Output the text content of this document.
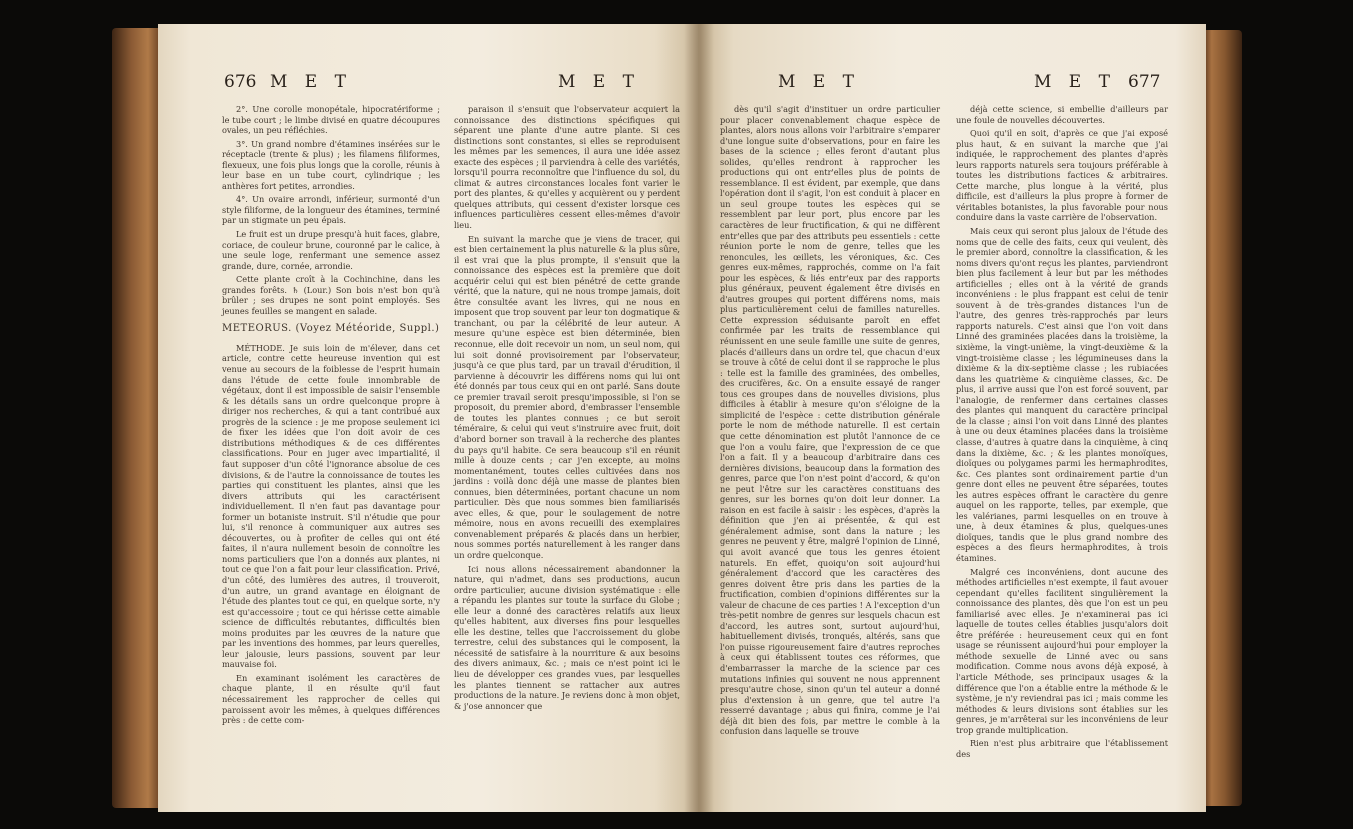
676 M E T	M E T

2°. Une corolle monopétale, hipocratériforme ; le tube court ; le limbe divisé en quatre découpures ovales, un peu réfléchies.

3°. Un grand nombre d'étamines insérées sur le réceptacle (trente & plus) ; les filamens filiformes, flexueux, une fois plus longs que la corolle, réunis à leur base en un tube court, cylindrique ; les anthères fort petites, arrondies.

4°. Un ovaire arrondi, inférieur, surmonté d'un style filiforme, de la longueur des étamines, terminé par un stigmate un peu épais.

Le fruit est un drupe presqu'à huit faces, glabre, coriace, de couleur brune, couronné par le calice, à une seule loge, renfermant une semence assez grande, dure, cornée, arrondie.

Cette plante croît à la Cochinchine, dans les grandes forêts. ♄ (Lour.) Son bois n'est bon qu'à brûler ; ses drupes ne sont point employés. Ses jeunes feuilles se mangent en salade.

METEORUS. (Voyez Météoride, Suppl.)

MÉTHODE. Je suis loin de m'élever, dans cet article, contre cette heureuse invention qui est venue au secours de la foiblesse de l'esprit humain dans l'étude de cette foule innombrable de végétaux, dont il est impossible de saisir l'ensemble & les détails sans un ordre quelconque propre à diriger nos recherches, & qui a tant contribué aux progrès de la science : je me propose seulement ici de fixer les idées que l'on doit avoir de ces distributions méthodiques & de ces différentes classifications. Pour en juger avec impartialité, il faut supposer d'un côté l'ignorance absolue de ces divisions, & de l'autre la connoissance de toutes les parties qui constituent les plantes, ainsi que les divers attributs qui les caractérisent individuellement. Il n'en faut pas davantage pour former un botaniste instruit. S'il n'étudie que pour lui, s'il renonce à communiquer aux autres ses découvertes, ou à profiter de celles qui ont été faites, il n'aura nullement besoin de connoître les noms particuliers que l'on a donnés aux plantes, ni tout ce que l'on a fait pour leur classification. Privé, d'un côté, des lumières des autres, il trouveroit, d'un autre, un grand avantage en éloignant de l'étude des plantes tout ce qui, en quelque sorte, n'y est qu'accessoire ; tout ce qui hérisse cette aimable science de difficultés rebutantes, difficultés bien moins produites par les œuvres de la nature que par les inventions des hommes, par leurs querelles, leur jalousie, leurs passions, souvent par leur mauvaise foi.

En examinant isolément les caractères de chaque plante, il en résulte qu'il faut nécessairement les rapprocher de celles qui paroissent avoir les mêmes, à quelques différences près : de cette com-

paraison il s'ensuit que l'observateur acquiert la connoissance des distinctions spécifiques qui séparent une plante d'une autre plante. Si ces distinctions sont constantes, si elles se reproduisent les mêmes par les semences, il aura une idée assez exacte des espèces ; il parviendra à celle des variétés, lorsqu'il pourra reconnoître que l'influence du sol, du climat & autres circonstances locales font varier le port des plantes, & qu'elles y acquièrent ou y perdent quelques attributs, qui cessent d'exister lorsque ces influences particulières cessent elles-mêmes d'avoir lieu.

En suivant la marche que je viens de tracer, qui est bien certainement la plus naturelle & la plus sûre, il est vrai que la plus prompte, il s'ensuit que la connoissance des espèces est la première que doit acquérir celui qui est bien pénétré de cette grande vérité, que la nature, qui ne nous trompe jamais, doit être consultée avant les livres, qui ne nous en imposent que trop souvent par leur ton dogmatique & tranchant, ou par la célébrité de leur auteur. A mesure qu'une espèce est bien déterminée, bien reconnue, elle doit recevoir un nom, un seul nom, qui lui soit donné provisoirement par l'observateur, jusqu'à ce que plus tard, par un travail d'érudition, il parvienne à découvrir les différens noms qui lui ont été donnés par tous ceux qui en ont parlé. Sans doute ce premier travail seroit presqu'impossible, si l'on se proposoit, du premier abord, d'embrasser l'ensemble de toutes les plantes connues ; ce but seroit téméraire, & celui qui veut s'instruire avec fruit, doit d'abord borner son travail à la recherche des plantes du pays qu'il habite. Ce sera beaucoup s'il en réunit mille à douze cents ; car j'en excepte, au moins momentanément, toutes celles cultivées dans nos jardins : voilà donc déjà une masse de plantes bien connues, bien déterminées, portant chacune un nom particulier. Dès que nous sommes bien familiarisés avec elles, & que, pour le soulagement de notre mémoire, nous en avons recueilli des exemplaires convenablement préparés & placés dans un herbier, nous sommes portés naturellement à les ranger dans un ordre quelconque.

Ici nous allons nécessairement abandonner la nature, qui n'admet, dans ses productions, aucun ordre particulier, aucune division systématique : elle a répandu les plantes sur toute la surface du Globe ; elle leur a donné des caractères relatifs aux lieux qu'elles habitent, aux diverses fins pour lesquelles elle les destine, telles que l'accroissement du globe terrestre, celui des substances qui le composent, la nécessité de satisfaire à la nourriture & aux besoins des divers animaux, &c. ; mais ce n'est point ici le lieu de développer ces grandes vues, par lesquelles les plantes tiennent se rattacher aux autres productions de la nature. Je reviens donc à mon objet, & j'ose annoncer que

M E T	M E T 677

dès qu'il s'agit d'instituer un ordre particulier pour placer convenablement chaque espèce de plantes, alors nous allons voir l'arbitraire s'emparer d'une longue suite d'observations, pour en faire les bases de la science ; elles feront d'autant plus solides, qu'elles rendront à rapprocher les productions qui ont entr'elles plus de points de ressemblance. Il est évident, par exemple, que dans l'opération dont il s'agit, l'on est conduit à placer en un seul groupe toutes les espèces qui se ressemblent par leur port, plus encore par les caractères de leur fructification, & qui ne diffèrent entr'elles que par des attributs peu essentiels : cette réunion porte le nom de genre, telles que les renoncules, les œillets, les véroniques, &c. Ces genres eux-mêmes, rapprochés, comme on l'a fait pour les espèces, & liés entr'eux par des rapports plus généraux, peuvent également être divisés en d'autres groupes qui portent différens noms, mais plus particulièrement celui de familles naturelles. Cette expression séduisante paroît en effet confirmée par les traits de ressemblance qui réunissent en une seule famille une suite de genres, placés d'ailleurs dans un ordre tel, que chacun d'eux se trouve à côté de celui dont il se rapproche le plus : telle est la famille des graminées, des ombelles, des crucifères, &c. On a ensuite essayé de ranger tous ces groupes dans de nouvelles divisions, plus difficiles à établir à mesure qu'on s'éloigne de la simplicité de l'espèce : cette distribution générale porte le nom de méthode naturelle. Il est certain que cette dénomination est plutôt l'annonce de ce que l'on a voulu faire, que l'expression de ce que l'on a fait. Il y a beaucoup d'arbitraire dans ces dernières divisions, beaucoup dans la formation des genres, parce que l'on n'est point d'accord, & qu'on ne peut l'être sur les caractères constituans des genres, sur les bornes qu'on doit leur donner. La raison en est facile à saisir : les espèces, d'après la définition que j'en ai présentée, & qui est généralement admise, sont dans la nature ; les genres ne peuvent y être, malgré l'opinion de Linné, qui avoit avancé que tous les genres étoient naturels. En effet, quoiqu'on soit aujourd'hui généralement d'accord que les caractères des genres doivent être pris dans les parties de la fructification, combien d'opinions différentes sur la valeur de chacune de ces parties ! A l'exception d'un très-petit nombre de genres sur lesquels chacun est d'accord, les autres sont, surtout aujourd'hui, habituellement divisés, tronqués, altérés, sans que l'on puisse rigoureusement faire d'autres reproches à ceux qui établissent toutes ces réformes, que d'embarrasser la marche de la science par ces mutations infinies qui souvent ne nous apprennent presqu'autre chose, sinon qu'un tel auteur a donné plus d'extension à un genre, que tel autre l'a resserré davantage ; abus qui finira, comme je l'ai déjà dit bien des fois, par mettre le comble à la confusion dans laquelle se trouve

déjà cette science, si embellie d'ailleurs par une foule de nouvelles découvertes.

Quoi qu'il en soit, d'après ce que j'ai exposé plus haut, & en suivant la marche que j'ai indiquée, le rapprochement des plantes d'après leurs rapports naturels sera toujours préférable à toutes les distributions factices & arbitraires. Cette marche, plus longue à la vérité, plus difficile, est d'ailleurs la plus propre à former de véritables botanistes, la plus favorable pour nous conduire dans la vaste carrière de l'observation.

Mais ceux qui seront plus jaloux de l'étude des noms que de celle des faits, ceux qui veulent, dès le premier abord, connoître la classification, & les noms divers qu'ont reçus les plantes, parviendront bien plus facilement à leur but par les méthodes artificielles ; elles ont à la vérité de grands inconvéniens : le plus frappant est celui de tenir souvent à de très-grandes distances l'un de l'autre, des genres très-rapprochés par leurs rapports naturels. C'est ainsi que l'on voit dans Linné des graminées placées dans la troisième, la sixième, la vingt-unième, la vingt-deuxième & la vingt-troisième classe ; les légumineuses dans la dixième & la dix-septième classe ; les rubiacées dans les quatrième & cinquième classes, &c. De plus, il arrive aussi que l'on est forcé souvent, par l'analogie, de renfermer dans certaines classes des plantes qui manquent du caractère principal de la classe ; ainsi l'on voit dans Linné des plantes à une ou deux étamines placées dans la troisième classe, d'autres à quatre dans la cinquième, à cinq dans la dixième, &c. ; & les plantes monoïques, dioïques ou polygames parmi les hermaphrodites, &c. Ces plantes sont ordinairement partie d'un genre dont elles ne peuvent être séparées, toutes les autres espèces offrant le caractère du genre auquel on les rapporte, telles, par exemple, que les valérianes, parmi lesquelles on en trouve à une, à deux étamines & plus, quelques-unes dioïques, tandis que le plus grand nombre des espèces a des fleurs hermaphrodites, à trois étamines.

Malgré ces inconvéniens, dont aucune des méthodes artificielles n'est exempte, il faut avouer cependant qu'elles facilitent singulièrement la connoissance des plantes, dès que l'on est un peu familiarisé avec elles. Je n'examinerai pas ici laquelle de toutes celles établies jusqu'alors doit être préférée : heureusement ceux qui en font usage se réunissent aujourd'hui pour employer la méthode sexuelle de Linné avec ou sans modification. Comme nous avons déjà exposé, à l'article Méthode, ses principaux usages & la différence que l'on a établie entre la méthode & le système, je n'y reviendrai pas ici ; mais comme les méthodes & leurs divisions sont établies sur les genres, je m'arrêterai sur les inconvéniens de leur trop grande multiplication.

Rien n'est plus arbitraire que l'établissement des
